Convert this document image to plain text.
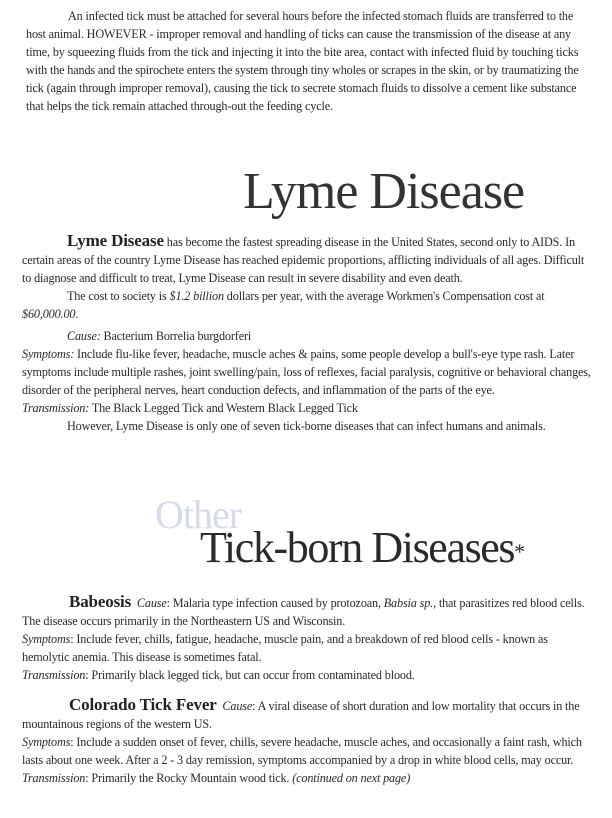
An infected tick must be attached for several hours before the infected stomach fluids are transferred to the host animal. HOWEVER - improper removal and handling of ticks can cause the transmission of the disease at any time, by squeezing fluids from the tick and injecting it into the bite area, contact with infected fluid by touching ticks with the hands and the spirochete enters the system through tiny wholes or scrapes in the skin, or by traumatizing the tick (again through improper removal), causing the tick to secrete stomach fluids to dissolve a cement like substance that helps the tick remain attached through-out the feeding cycle.

Lyme Disease

Lyme Disease has become the fastest spreading disease in the United States, second only to AIDS. In certain areas of the country Lyme Disease has reached epidemic proportions, afflicting individuals of all ages. Difficult to diagnose and difficult to treat, Lyme Disease can result in severe disability and even death.

The cost to society is $1.2 billion dollars per year, with the average Workmen's Compensation cost at $60,000.00.

Cause: Bacterium Borrelia burgdorferi

Symptoms: Include flu-like fever, headache, muscle aches & pains, some people develop a bull's-eye type rash. Later symptoms include multiple rashes, joint swelling/pain, loss of reflexes, facial paralysis, cognitive or behavioral changes, disorder of the peripheral nerves, heart conduction defects, and inflammation of the parts of the eye.

Transmission: The Black Legged Tick and Western Black Legged Tick

However, Lyme Disease is only one of seven tick-borne diseases that can infect humans and animals.

Other
Tick-born Diseases*

Babeosis Cause: Malaria type infection caused by protozoan, Babsia sp., that parasitizes red blood cells. The disease occurs primarily in the Northeastern US and Wisconsin.

Symptoms: Include fever, chills, fatigue, headache, muscle pain, and a breakdown of red blood cells - known as hemolytic anemia. This disease is sometimes fatal.

Transmission: Primarily black legged tick, but can occur from contaminated blood.

Colorado Tick Fever Cause: A viral disease of short duration and low mortality that occurs in the mountainous regions of the western US.

Symptoms: Include a sudden onset of fever, chills, severe headache, muscle aches, and occasionally a faint rash, which lasts about one week. After a 2 - 3 day remission, symptoms accompanied by a drop in white blood cells, may occur.

Transmission: Primarily the Rocky Mountain wood tick. (continued on next page)
